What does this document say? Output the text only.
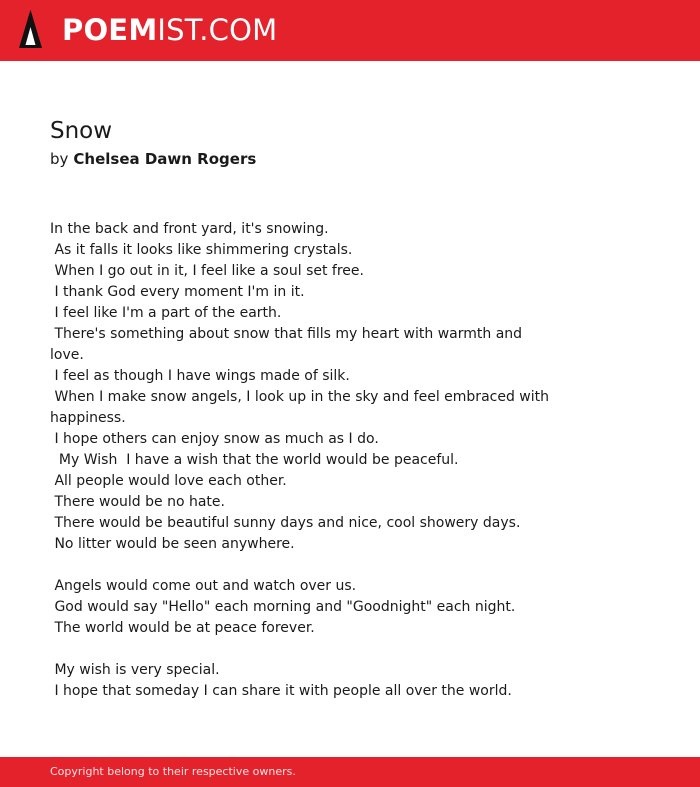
POEMIST.COM
Snow
by Chelsea Dawn Rogers
In the back and front yard, it's snowing.
As it falls it looks like shimmering crystals.
When I go out in it, I feel like a soul set free.
I thank God every moment I'm in it.
I feel like I'm a part of the earth.
There's something about snow that fills my heart with warmth and love.
I feel as though I have wings made of silk.
When I make snow angels, I look up in the sky and feel embraced with happiness.
I hope others can enjoy snow as much as I do.
My Wish  I have a wish that the world would be peaceful.
All people would love each other.
There would be no hate.
There would be beautiful sunny days and nice, cool showery days.
No litter would be seen anywhere.
Angels would come out and watch over us.
God would say "Hello" each morning and "Goodnight" each night.
The world would be at peace forever.
My wish is very special.
I hope that someday I can share it with people all over the world.
Copyright belong to their respective owners.
